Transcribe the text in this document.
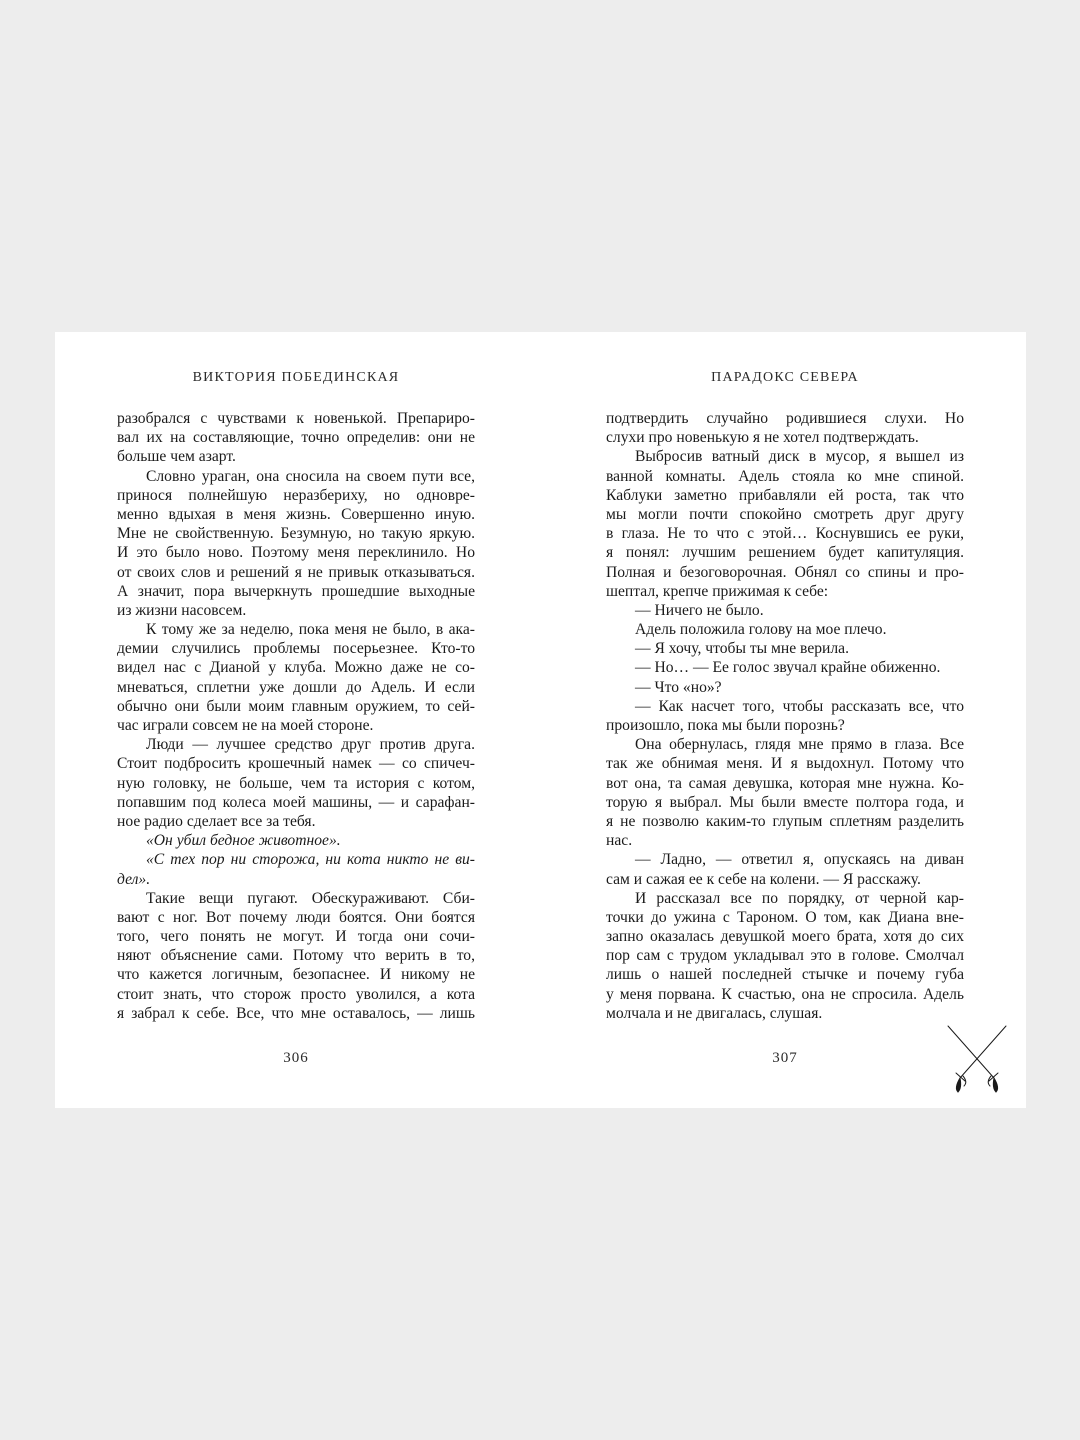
ВИКТОРИЯ ПОБЕДИНСКАЯ
разобрался с чувствами к новенькой. Препариро-
вал их на составляющие, точно определив: они не
больше чем азарт.
Словно ураган, она сносила на своем пути все,
принося полнейшую неразбериху, но одновре-
менно вдыхая в меня жизнь. Совершенно иную.
Мне не свойственную. Безумную, но такую яркую.
И это было ново. Поэтому меня переклинило. Но
от своих слов и решений я не привык отказываться.
А значит, пора вычеркнуть прошедшие выходные
из жизни насовсем.
К тому же за неделю, пока меня не было, в ака-
демии случились проблемы посерьезнее. Кто-то
видел нас с Дианой у клуба. Можно даже не со-
мневаться, сплетни уже дошли до Адель. И если
обычно они были моим главным оружием, то сей-
час играли совсем не на моей стороне.
Люди — лучшее средство друг против друга.
Стоит подбросить крошечный намек — со спичеч-
ную головку, не больше, чем та история с котом,
попавшим под колеса моей машины, — и сарафан-
ное радио сделает все за тебя.
«Он убил бедное животное».
«С тех пор ни сторожа, ни кота никто не ви-
дел».
Такие вещи пугают. Обескураживают. Сби-
вают с ног. Вот почему люди боятся. Они боятся
того, чего понять не могут. И тогда они сочи-
няют объяснение сами. Потому что верить в то,
что кажется логичным, безопаснее. И никому не
стоит знать, что сторож просто уволился, а кота
я забрал к себе. Все, что мне оставалось, — лишь
306
ПАРАДОКС СЕВЕРА
подтвердить случайно родившиеся слухи. Но
слухи про новенькую я не хотел подтверждать.
Выбросив ватный диск в мусор, я вышел из
ванной комнаты. Адель стояла ко мне спиной.
Каблуки заметно прибавляли ей роста, так что
мы могли почти спокойно смотреть друг другу
в глаза. Не то что с этой… Коснувшись ее руки,
я понял: лучшим решением будет капитуляция.
Полная и безоговорочная. Обнял со спины и про-
шептал, крепче прижимая к себе:
— Ничего не было.
Адель положила голову на мое плечо.
— Я хочу, чтобы ты мне верила.
— Но… — Ее голос звучал крайне обиженно.
— Что «но»?
— Как насчет того, чтобы рассказать все, что
произошло, пока мы были порознь?
Она обернулась, глядя мне прямо в глаза. Все
так же обнимая меня. И я выдохнул. Потому что
вот она, та самая девушка, которая мне нужна. Ко-
торую я выбрал. Мы были вместе полтора года, и
я не позволю каким-то глупым сплетням разделить
нас.
— Ладно, — ответил я, опускаясь на диван
сам и сажая ее к себе на колени. — Я расскажу.
И рассказал все по порядку, от черной кар-
точки до ужина с Тароном. О том, как Диана вне-
запно оказалась девушкой моего брата, хотя до сих
пор сам с трудом укладывал это в голове. Смолчал
лишь о нашей последней стычке и почему губа
у меня порвана. К счастью, она не спросила. Адель
молчала и не двигалась, слушая.
307
